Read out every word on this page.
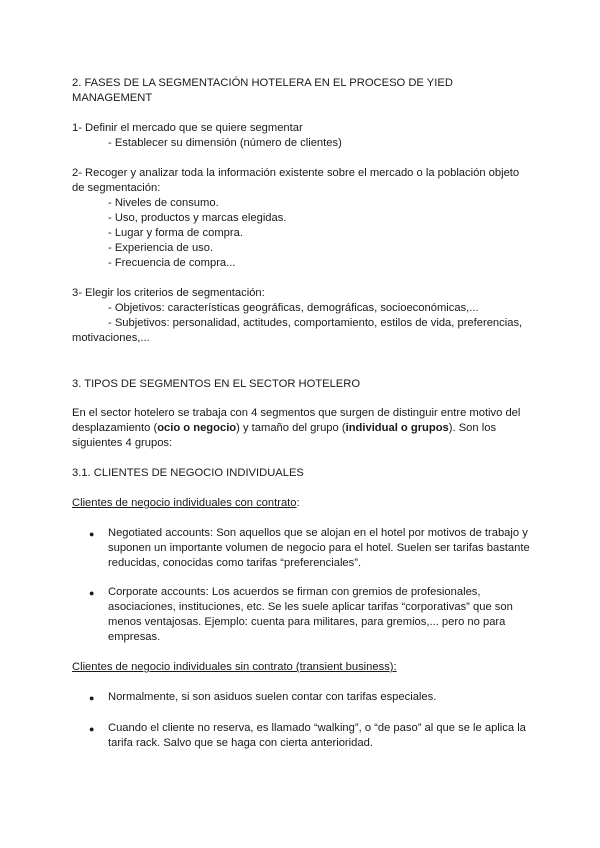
2. FASES DE LA SEGMENTACIÓN HOTELERA EN EL PROCESO DE YIED
MANAGEMENT
1- Definir el mercado que se quiere segmentar
- Establecer su dimensión (número de clientes)
2- Recoger y analizar toda la información existente sobre el mercado o la población objeto
de segmentación:
- Niveles de consumo.
- Uso, productos y marcas elegidas.
- Lugar y forma de compra.
- Experiencia de uso.
- Frecuencia de compra...
3- Elegir los criterios de segmentación:
- Objetivos: características geográficas, demográficas, socioeconómicas,...
- Subjetivos: personalidad, actitudes, comportamiento, estilos de vida, preferencias,
motivaciones,...
3. TIPOS DE SEGMENTOS EN EL SECTOR HOTELERO
En el sector hotelero se trabaja con 4 segmentos que surgen de distinguir entre motivo del
desplazamiento (ocio o negocio) y tamaño del grupo (individual o grupos). Son los
siguientes 4 grupos:
3.1. CLIENTES DE NEGOCIO INDIVIDUALES
Clientes de negocio individuales con contrato:
● Negotiated accounts: Son aquellos que se alojan en el hotel por motivos de trabajo y
suponen un importante volumen de negocio para el hotel. Suelen ser tarifas bastante
reducidas, conocidas como tarifas “preferenciales”.
● Corporate accounts: Los acuerdos se firman con gremios de profesionales,
asociaciones, instituciones, etc. Se les suele aplicar tarifas “corporativas” que son
menos ventajosas. Ejemplo: cuenta para militares, para gremios,... pero no para
empresas.
Clientes de negocio individuales sin contrato (transient business):
● Normalmente, si son asiduos suelen contar con tarifas especiales.
● Cuando el cliente no reserva, es llamado “walking”, o “de paso” al que se le aplica la
tarifa rack. Salvo que se haga con cierta anterioridad.
